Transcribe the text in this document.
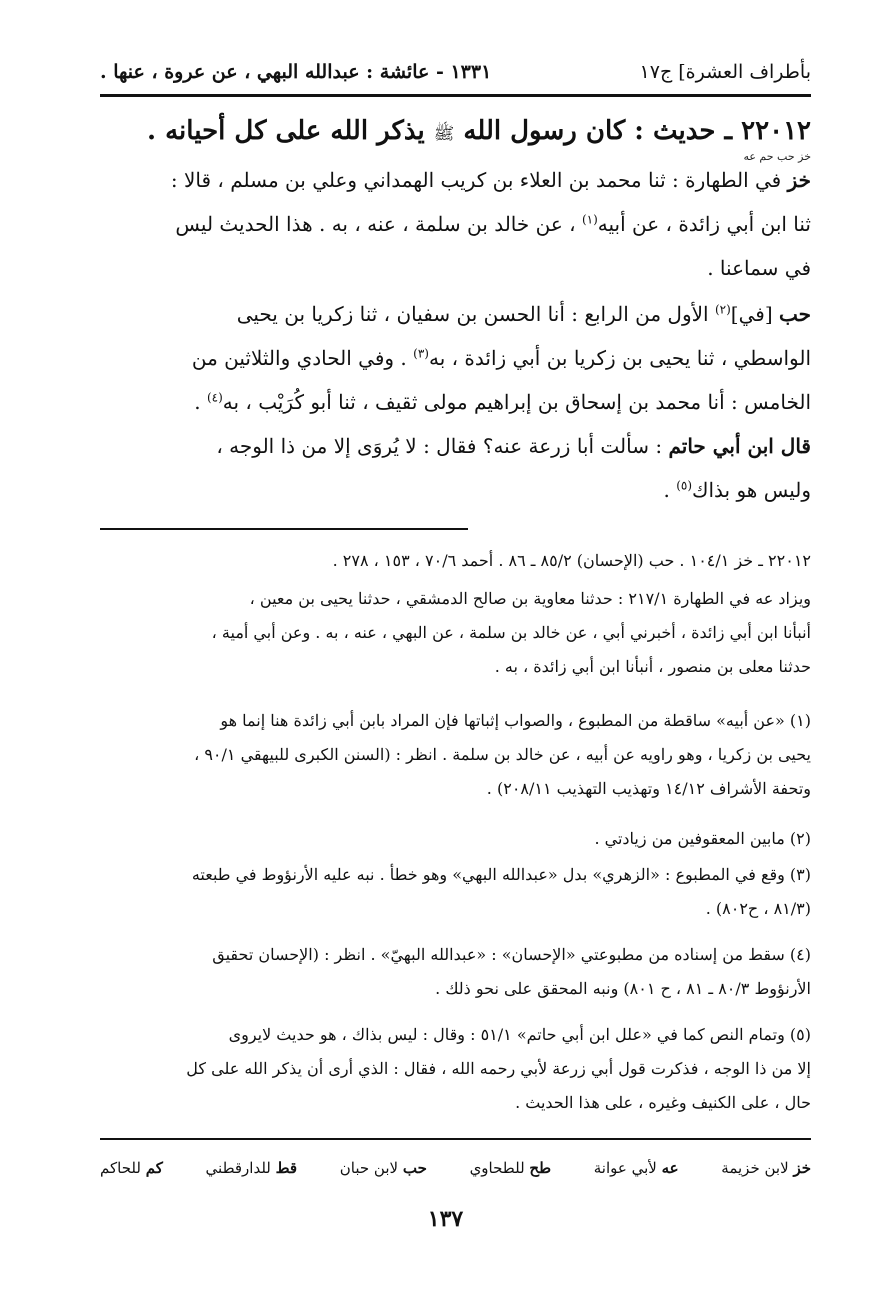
بأطراف العشرة] ج١٧
١٣٣١ - عائشة : عبدالله البهي ، عن عروة ، عنها .
٢٢٠١٢ ـ حديث : كان رسول الله ﷺ يذكر الله على كل أحيانه .
خز حب حم عه
خز في الطهارة : ثنا محمد بن العلاء بن كريب الهمداني وعلي بن مسلم ، قالا :
ثنا ابن أبي زائدة ، عن أبيه$^{(١)}$ ، عن خالد بن سلمة ، عنه ، به . هذا الحديث ليس
في سماعنا .
حب [في]$^{(٢)}$ الأول من الرابع : أنا الحسن بن سفيان ، ثنا زكريا بن يحيى
الواسطي ، ثنا يحيى بن زكريا بن أبي زائدة ، به$^{(٣)}$ . وفي الحادي والثلاثين من
الخامس : أنا محمد بن إسحاق بن إبراهيم مولى ثقيف ، ثنا أبو كُرَيْب ، به$^{(٤)}$ .
قال ابن أبي حاتم : سألت أبا زرعة عنه؟ فقال : لا يُروَى إلا من ذا الوجه ،
وليس هو بذاك$^{(٥)}$ .
٢٢٠١٢ ـ خز ١٠٤/١ . حب (الإحسان) ٨٥/٢ ـ ٨٦ . أحمد ٧٠/٦ ، ١٥٣ ، ٢٧٨ .
ويزاد عه في الطهارة ٢١٧/١ : حدثنا معاوية بن صالح الدمشقي ، حدثنا يحيى بن معين ،
أنبأنا ابن أبي زائدة ، أخبرني أبي ، عن خالد بن سلمة ، عن البهي ، عنه ، به . وعن أبي أمية ،
حدثنا معلى بن منصور ، أنبأنا ابن أبي زائدة ، به .
(١) «عن أبيه» ساقطة من المطبوع ، والصواب إثباتها فإن المراد بابن أبي زائدة هنا إنما هو
يحيى بن زكريا ، وهو راويه عن أبيه ، عن خالد بن سلمة . انظر : (السنن الكبرى للبيهقي ٩٠/١ ،
وتحفة الأشراف ١٤/١٢ وتهذيب التهذيب ٢٠٨/١١) .
(٢) مابين المعقوفين من زيادتي .
(٣) وقع في المطبوع : «الزهري» بدل «عبدالله البهي» وهو خطأ . نبه عليه الأرنؤوط في طبعته
(٨١/٣ ، ح٨٠٢) .
(٤) سقط من إسناده من مطبوعتي «الإحسان» : «عبدالله البهيّ» . انظر : (الإحسان تحقيق
الأرنؤوط ٨٠/٣ ـ ٨١ ، ح ٨٠١) ونبه المحقق على نحو ذلك .
(٥) وتمام النص كما في «علل ابن أبي حاتم» ٥١/١ : وقال : ليس بذاك ، هو حديث لايروى
إلا من ذا الوجه ، فذكرت قول أبي زرعة لأبي رحمه الله ، فقال : الذي أرى أن يذكر الله على كل
حال ، على الكنيف وغيره ، على هذا الحديث .
خز لابن خزيمة
عه لأبي عوانة
طح للطحاوي
حب لابن حبان
قط للدارقطني
كم للحاكم
١٣٧
